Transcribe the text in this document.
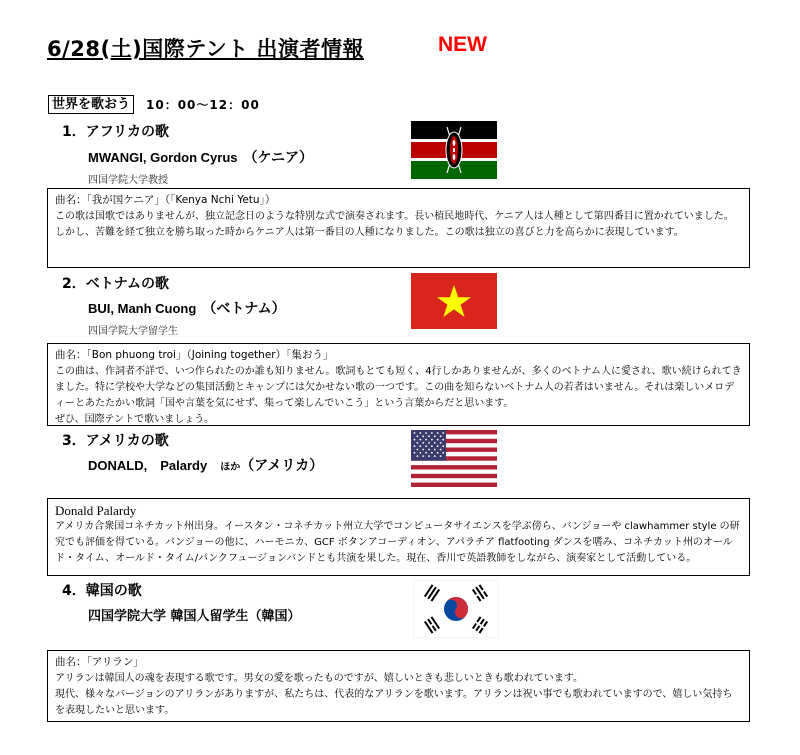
6/28(土)国際テント 出演者情報	NEW
世界を歌おう	10：00〜12：00
1．アフリカの歌
MWANGI, Gordon Cyrus　 （ケニア）
四国学院大学教授
曲名：「我が国ケニア」（「Kenya Nchi Yetu」）

この歌は国歌ではありませんが、独立記念日のような特別な式で演奏されます。長い植民地時代、ケニア人は人種として第四番目に置かれていました。しかし、苦難を経て独立を勝ち取った時からケニア人は第一番目の人種になりました。この歌は独立の喜びと力を高らかに表現しています。

2．ベトナムの歌
BUI, Manh Cuong　 （ベトナム）
四国学院大学留学生
曲名：「Bon phuong troi」（Joining together）「集おう」

この曲は、作詞者不詳で、いつ作られたのか誰も知りません。歌詞もとても短く、4行しかありませんが、多くのベトナム人に愛され、歌い続けられてきました。特に学校や大学などの集団活動とキャンプには欠かせない歌の一つです。この曲を知らないベトナム人の若者はいません。それは楽しいメロディーとあたたかい歌詞「国や言葉を気にせず、集って楽しんでいこう」という言葉からだと思います。

ぜひ、国際テントで歌いましょう。

3．アメリカの歌
DONALD,　Palardy　 ほか（アメリカ）
Donald Palardy

アメリカ合衆国コネチカット州出身。イースタン・コネチカット州立大学でコンピュータサイエンスを学ぶ傍ら、バンジョーや clawhammer style の研究でも評価を得ている。バンジョーの他に、ハーモニカ、GCF ボタンアコーディオン、アパラチア flatfooting ダンスを嗜み、コネチカット州のオールド・タイム、オールド・タイム/パンクフュージョンバンドとも共演を果した。現在、香川で英語教師をしながら、演奏家として活動している。

4．韓国の歌
四国学院大学 韓国人留学生（韓国）
曲名：「アリラン」

アリランは韓国人の魂を表現する歌です。男女の愛を歌ったものですが、嬉しいときも悲しいときも歌われています。

現代、様々なバージョンのアリランがありますが、私たちは、代表的なアリランを歌います。アリランは祝い事でも歌われていますので、嬉しい気持ちを表現したいと思います。
